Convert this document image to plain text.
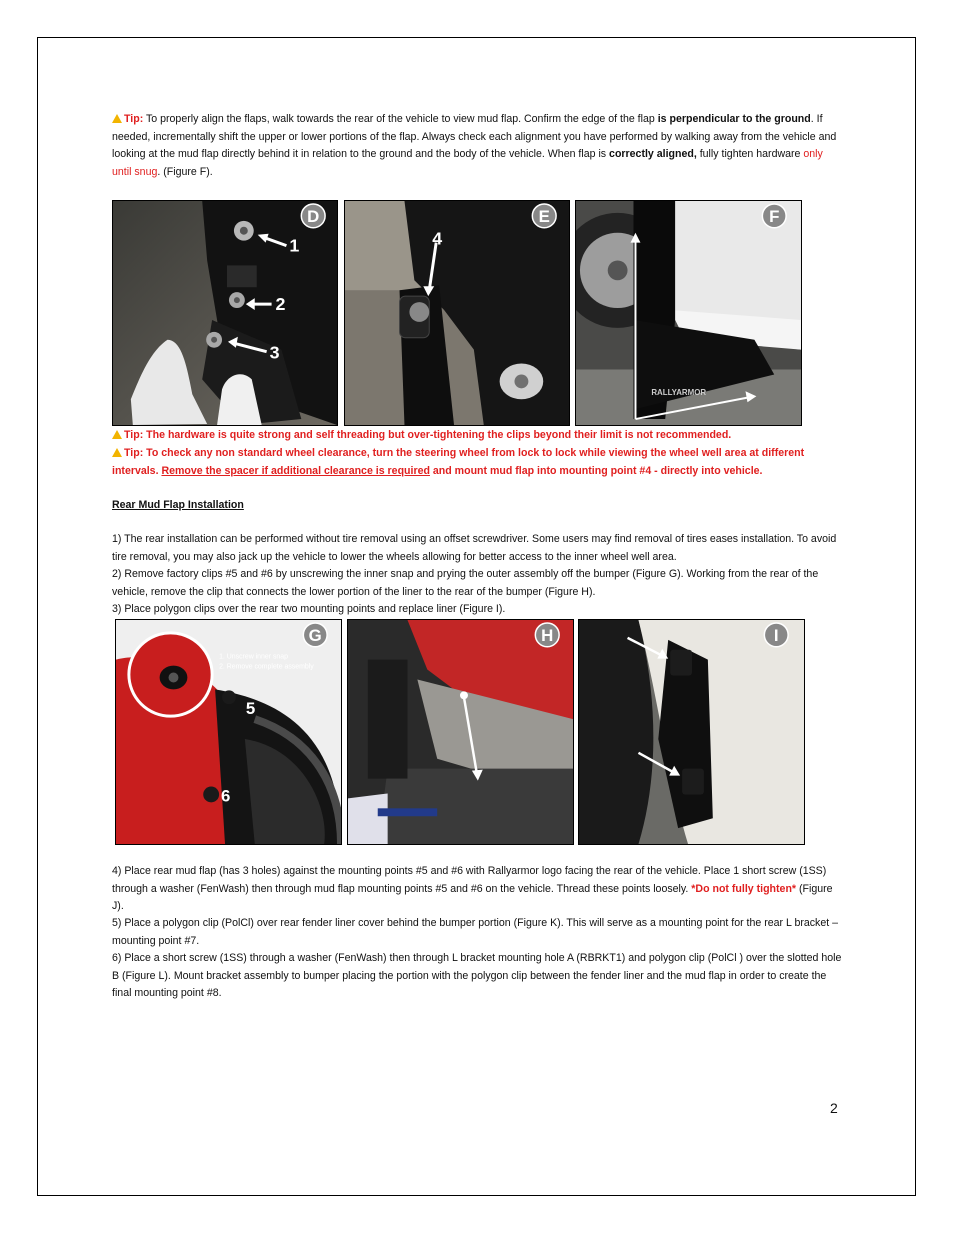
Tip: To properly align the flaps, walk towards the rear of the vehicle to view mud flap. Confirm the edge of the flap is perpendicular to the ground. If needed, incrementally shift the upper or lower portions of the flap. Always check each alignment you have performed by walking away from the vehicle and looking at the mud flap directly behind it in relation to the ground and the body of the vehicle. When flap is correctly aligned, fully tighten hardware only until snug. (Figure F).
1
2
3
D
4
E
RALLYARMOR
F
Tip: The hardware is quite strong and self threading but over-tightening the clips beyond their limit is not recommended.
Tip: To check any non standard wheel clearance, turn the steering wheel from lock to lock while viewing the wheel well area at different intervals. Remove the spacer if additional clearance is required and mount mud flap into mounting point #4 - directly into vehicle.
Rear Mud Flap Installation
1) The rear installation can be performed without tire removal using an offset screwdriver. Some users may find removal of tires eases installation. To avoid tire removal, you may also jack up the vehicle to lower the wheels allowing for better access to the inner wheel well area.
2) Remove factory clips #5 and #6 by unscrewing the inner snap and prying the outer assembly off the bumper (Figure G). Working from the rear of the vehicle, remove the clip that connects the lower portion of the liner to the rear of the bumper (Figure H).
3) Place polygon clips over the rear two mounting points and replace liner (Figure I).
1. Unscrew inner snap
2. Remove complete assembly
5
6
G	H	I
4) Place rear mud flap (has 3 holes) against the mounting points #5 and #6 with Rallyarmor logo facing the rear of the vehicle. Place 1 short screw (1SS) through a washer (FenWash) then through mud flap mounting points #5 and #6 on the vehicle. Thread these points loosely. *Do not fully tighten* (Figure J).
5) Place a polygon clip (PolCl) over rear fender liner cover behind the bumper portion (Figure K). This will serve as a mounting point for the rear L bracket – mounting point #7.
6) Place a short screw (1SS) through a washer (FenWash) then through L bracket mounting hole A (RBRKT1) and polygon clip (PolCl ) over the slotted hole B (Figure L). Mount bracket assembly to bumper placing the portion with the polygon clip between the fender liner and the mud flap in order to create the final mounting point #8.
2
